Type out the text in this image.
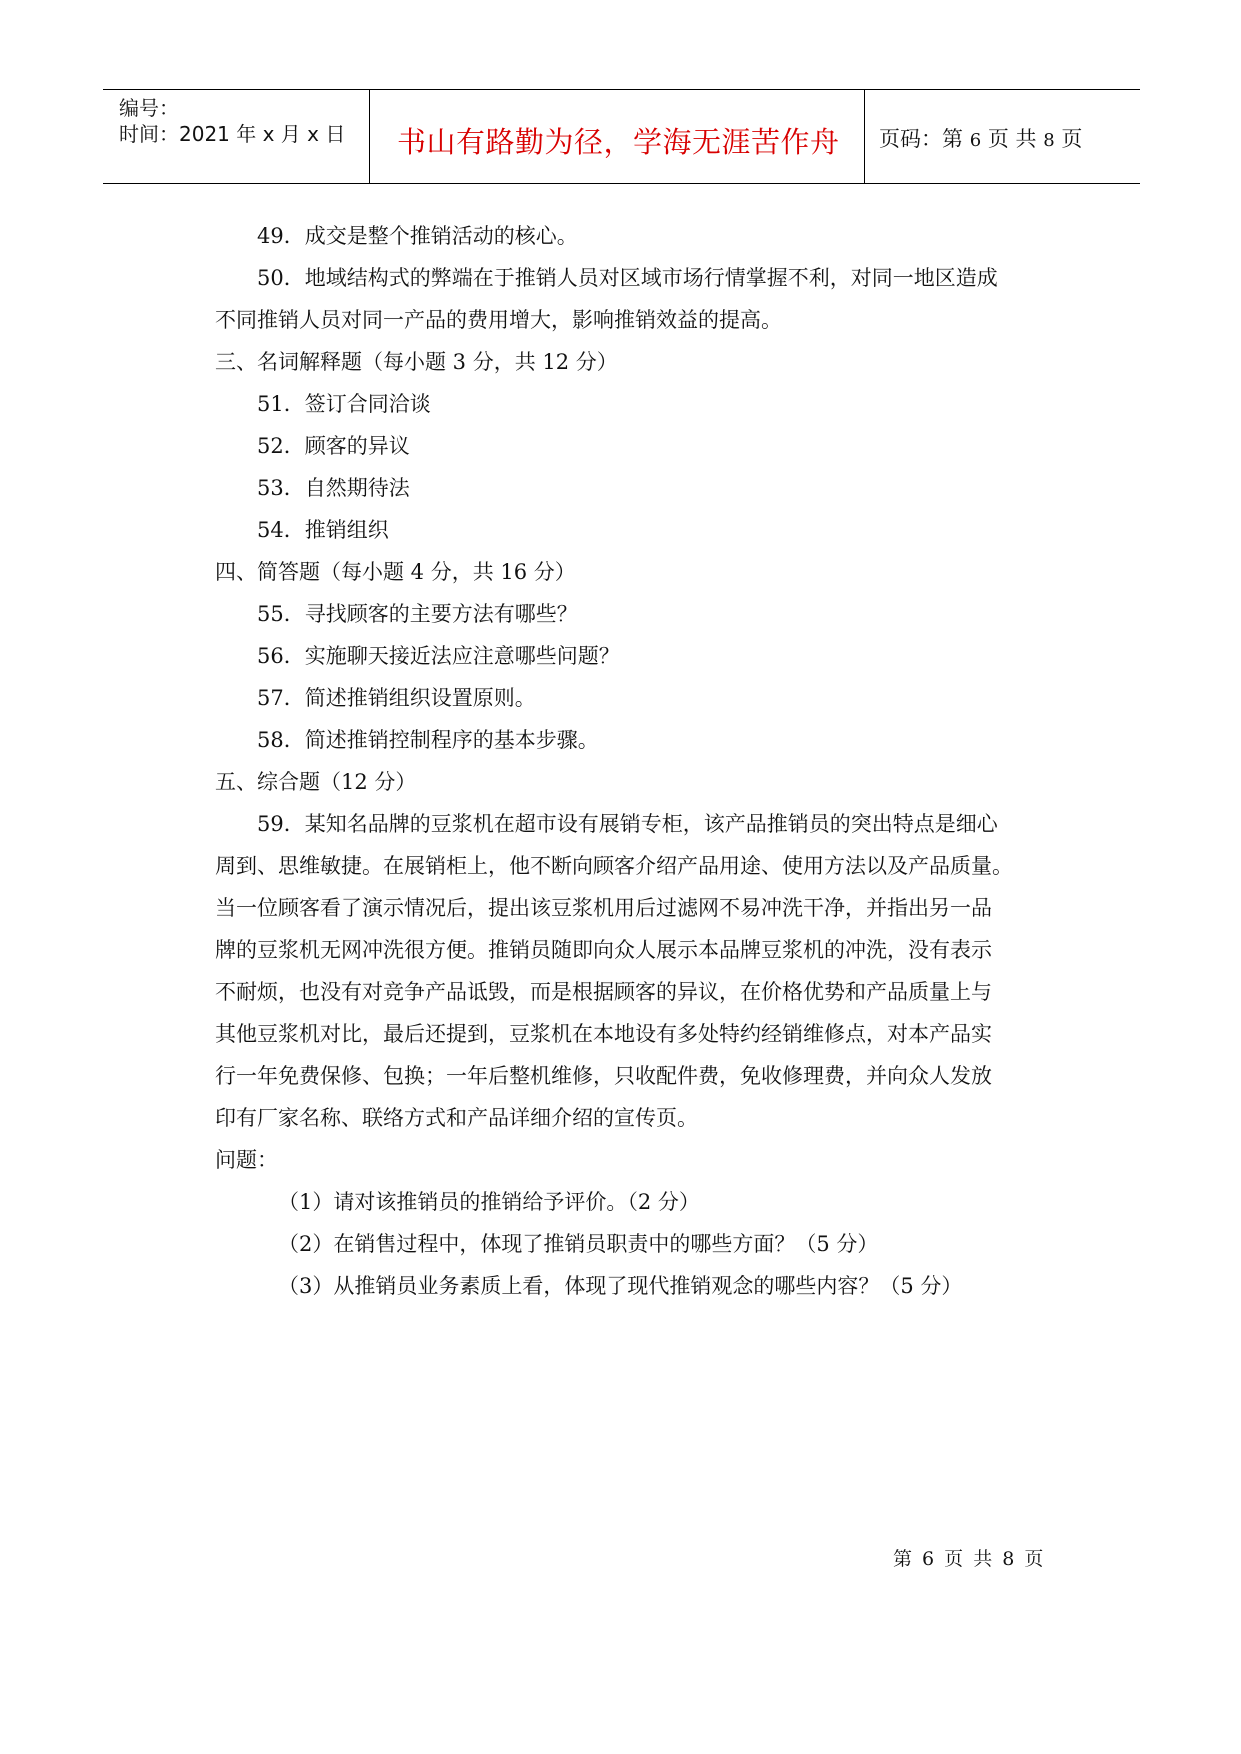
编号：
时间：2021 年 x 月 x 日 书山有路勤为径，学海无涯苦作舟 页码：第 6 页 共 8 页
49．成交是整个推销活动的核心。
50．地域结构式的弊端在于推销人员对区域市场行情掌握不利，对同一地区造成
不同推销人员对同一产品的费用增大，影响推销效益的提高。
三、名词解释题（每小题 3 分，共 12 分）
51．签订合同洽谈
52．顾客的异议
53．自然期待法
54．推销组织
四、简答题（每小题 4 分，共 16 分）
55．寻找顾客的主要方法有哪些？
56．实施聊天接近法应注意哪些问题？
57．简述推销组织设置原则。
58．简述推销控制程序的基本步骤。
五、综合题（12 分）
59．某知名品牌的豆浆机在超市设有展销专柜，该产品推销员的突出特点是细心
周到、思维敏捷。在展销柜上，他不断向顾客介绍产品用途、使用方法以及产品质量。
当一位顾客看了演示情况后，提出该豆浆机用后过滤网不易冲洗干净，并指出另一品
牌的豆浆机无网冲洗很方便。推销员随即向众人展示本品牌豆浆机的冲洗，没有表示
不耐烦，也没有对竞争产品诋毁，而是根据顾客的异议，在价格优势和产品质量上与
其他豆浆机对比，最后还提到，豆浆机在本地设有多处特约经销维修点，对本产品实
行一年免费保修、包换；一年后整机维修，只收配件费，免收修理费，并向众人发放
印有厂家名称、联络方式和产品详细介绍的宣传页。
问题：
（1）请对该推销员的推销给予评价。（2 分）
（2）在销售过程中，体现了推销员职责中的哪些方面？（5 分）
（3）从推销员业务素质上看，体现了现代推销观念的哪些内容？（5 分）
第 6 页 共 8 页
